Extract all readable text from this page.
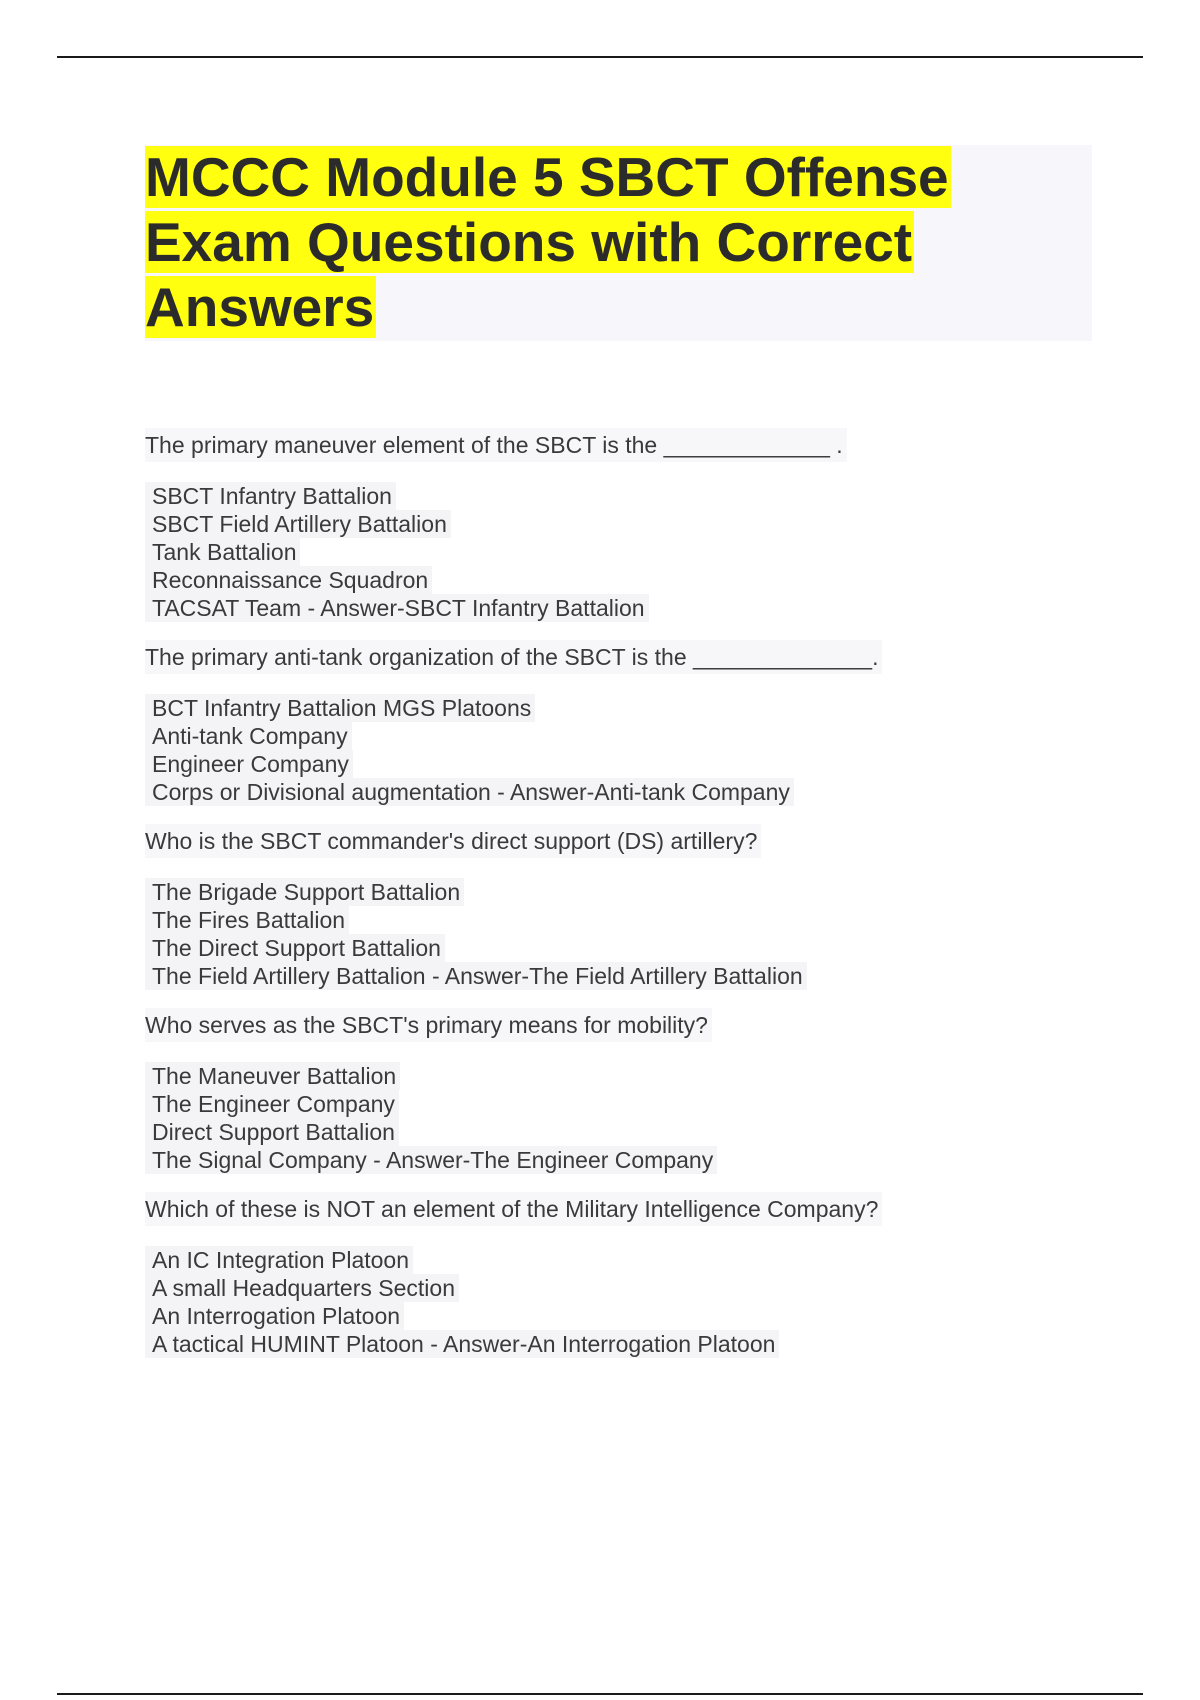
MCCC Module 5 SBCT Offense
Exam Questions with Correct
Answers

The primary maneuver element of the SBCT is the _____________ .

SBCT Infantry Battalion
SBCT Field Artillery Battalion
Tank Battalion
Reconnaissance Squadron
TACSAT Team - Answer-SBCT Infantry Battalion

The primary anti-tank organization of the SBCT is the ______________.

BCT Infantry Battalion MGS Platoons
Anti-tank Company
Engineer Company
Corps or Divisional augmentation - Answer-Anti-tank Company

Who is the SBCT commander's direct support (DS) artillery?

The Brigade Support Battalion
The Fires Battalion
The Direct Support Battalion
The Field Artillery Battalion - Answer-The Field Artillery Battalion

Who serves as the SBCT's primary means for mobility?

The Maneuver Battalion
The Engineer Company
Direct Support Battalion
The Signal Company - Answer-The Engineer Company

Which of these is NOT an element of the Military Intelligence Company?

An IC Integration Platoon
A small Headquarters Section
An Interrogation Platoon
A tactical HUMINT Platoon - Answer-An Interrogation Platoon
